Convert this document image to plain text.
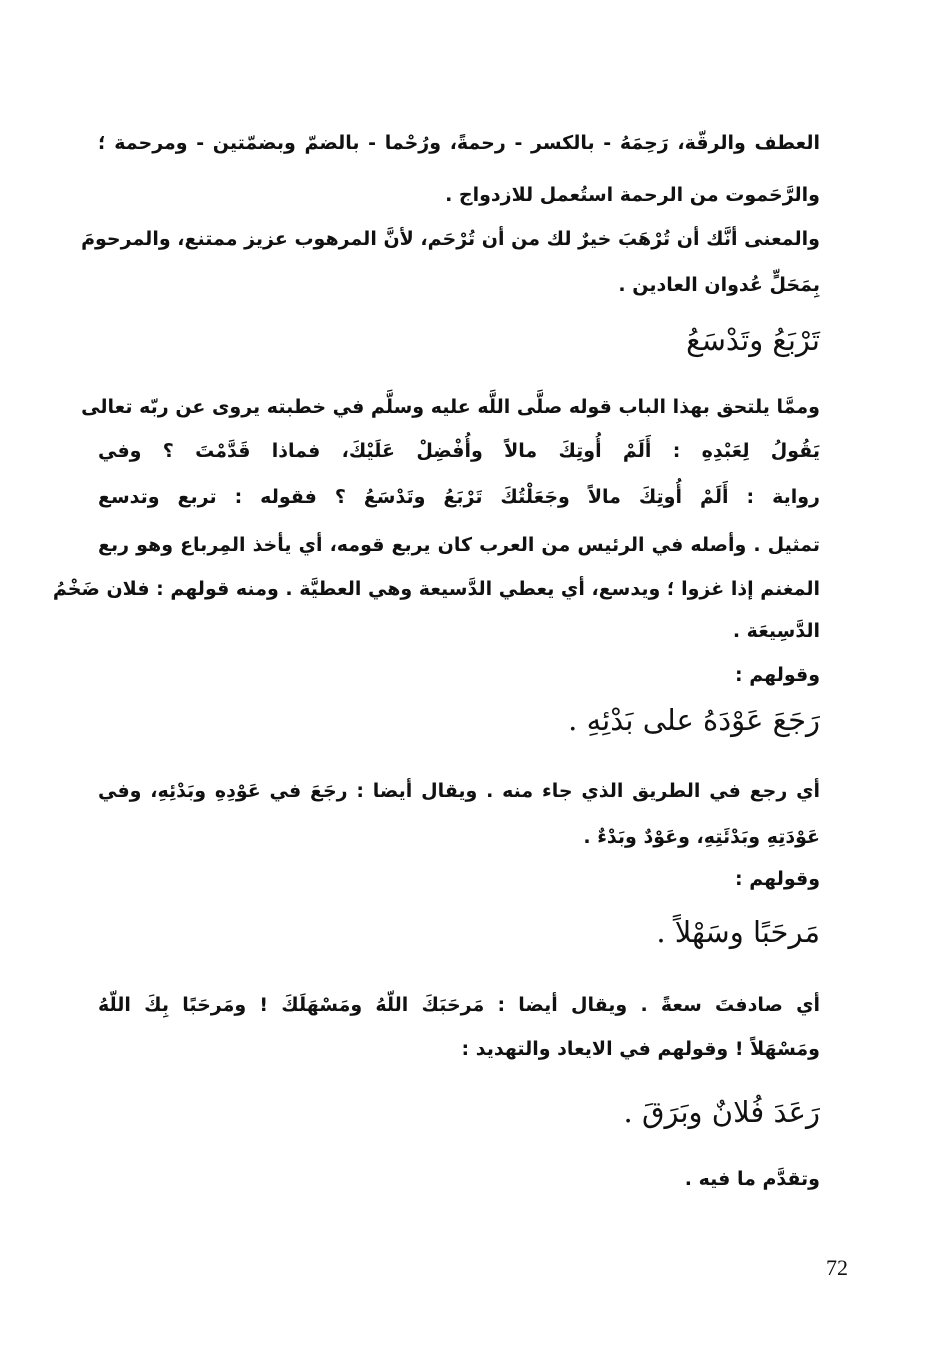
العطف والرقّة، رَحِمَهُ - بالكسر - رحمةً، ورُحْما - بالضمّ وبضمّتين - ومرحمة ؛
والرَّحَموت من الرحمة استُعمل للازدواج .
والمعنى أنَّك أن تُرْهَبَ خيرٌ لك من أن تُرْحَم، لأنَّ المرهوب عزيز ممتنع، والمرحومَ
بِمَحَلٍّ عُدوان العادين .
تَرْبَعُ وتَدْسَعُ
وممَّا يلتحق بهذا الباب قوله صلَّى اللَّه عليه وسلَّم في خطبته يروى عن ربّه تعالى
يَقُولُ لِعَبْدِهِ : أَلَمْ أُوتِكَ مالاً وأُفْضِلْ عَلَيْكَ، فماذا قَدَّمْتَ ؟ وفي
رواية : أَلَمْ أُوتِكَ مالاً وجَعَلْتُكَ تَرْبَعُ وتَدْسَعُ ؟ فقوله : تربع وتدسع
تمثيل . وأصله في الرئيس من العرب كان يربع قومه، أي يأخذ المِرباع وهو ربع
المغنم إذا غزوا ؛ ويدسع، أي يعطي الدَّسيعة وهي العطيَّة . ومنه قولهم : فلان ضَخْمُ
الدَّسِيعَة .
وقولهم :
رَجَعَ عَوْدَهُ على بَدْئِهِ .
أي رجع في الطريق الذي جاء منه . ويقال أيضا : رجَعَ في عَوْدِهِ وبَدْئِهِ، وفي
عَوْدَتِهِ وبَدْئَتِهِ، وعَوْدٌ وبَدْءٌ .
وقولهم :
مَرحَبًا وسَهْلاً .
أي صادفتَ سعةً . ويقال أيضا : مَرحَبَكَ اللّهُ ومَسْهَلَكَ ! ومَرحَبًا بِكَ اللّهُ
ومَسْهَلاً ! وقولهم في الايعاد والتهديد :
رَعَدَ فُلانٌ وبَرَقَ .
وتقدَّم ما فيه .
72
